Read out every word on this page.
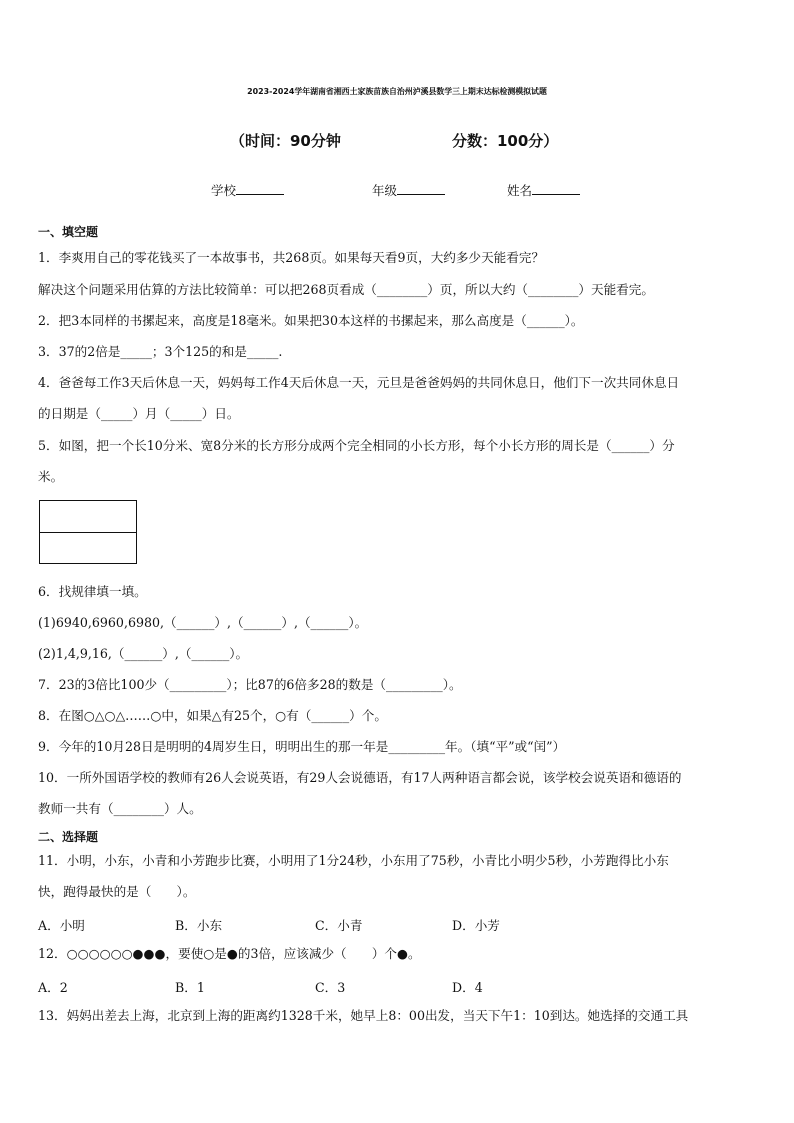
2023-2024学年湖南省湘西土家族苗族自治州泸溪县数学三上期末达标检测模拟试题
（时间：90分钟	分数：100分）
学校	年级	姓名
一、填空题
1．李爽用自己的零花钱买了一本故事书，共268页。如果每天看9页，大约多少天能看完？
解决这个问题采用估算的方法比较简单：可以把268页看成（________）页，所以大约（________）天能看完。
2．把3本同样的书摞起来，高度是18毫米。如果把30本这样的书摞起来，那么高度是（______）。
3．37的2倍是_____；3个125的和是_____.
4．爸爸每工作3天后休息一天，妈妈每工作4天后休息一天，元旦是爸爸妈妈的共同休息日，他们下一次共同休息日
的日期是（_____）月（_____）日。
5．如图，把一个长10分米、宽8分米的长方形分成两个完全相同的小长方形，每个小长方形的周长是（______）分
米。
6．找规律填一填。
(1)6940,6960,6980,（______）,（______）,（______）。
(2)1,4,9,16,（______）,（______）。
7．23的3倍比100少（_________）；比87的6倍多28的数是（_________）。
8．在图○△○△……○中，如果△有25个，○有（______）个。
9．今年的10月28日是明明的4周岁生日，明明出生的那一年是_________年。（填“平”或“闰”）
10．一所外国语学校的教师有26人会说英语，有29人会说德语，有17人两种语言都会说，该学校会说英语和德语的
教师一共有（________）人。
二、选择题
11．小明，小东，小青和小芳跑步比赛，小明用了1分24秒，小东用了75秒，小青比小明少5秒，小芳跑得比小东
快，跑得最快的是（　　）。
A．小明	B．小东	C．小青	D．小芳
12．○○○○○○●●●，要使○是●的3倍，应该减少（　　）个●。
A．2	B．1	C．3	D．4
13．妈妈出差去上海，北京到上海的距离约1328千米，她早上8：00出发，当天下午1：10到达。她选择的交通工具
